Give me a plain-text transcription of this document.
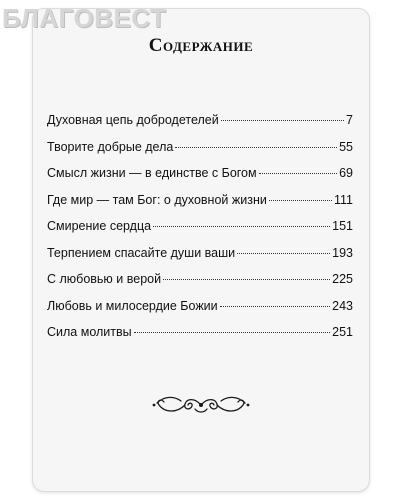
БЛАГОВЕСТ
Содержание
Духовная цепь добродетелей	7
Творите добрые дела	55
Смысл жизни — в единстве с Богом	69
Где мир — там Бог: о духовной жизни	111
Смирение сердца	151
Терпением спасайте души ваши	193
С любовью и верой	225
Любовь и милосердие Божии	243
Сила молитвы	251
